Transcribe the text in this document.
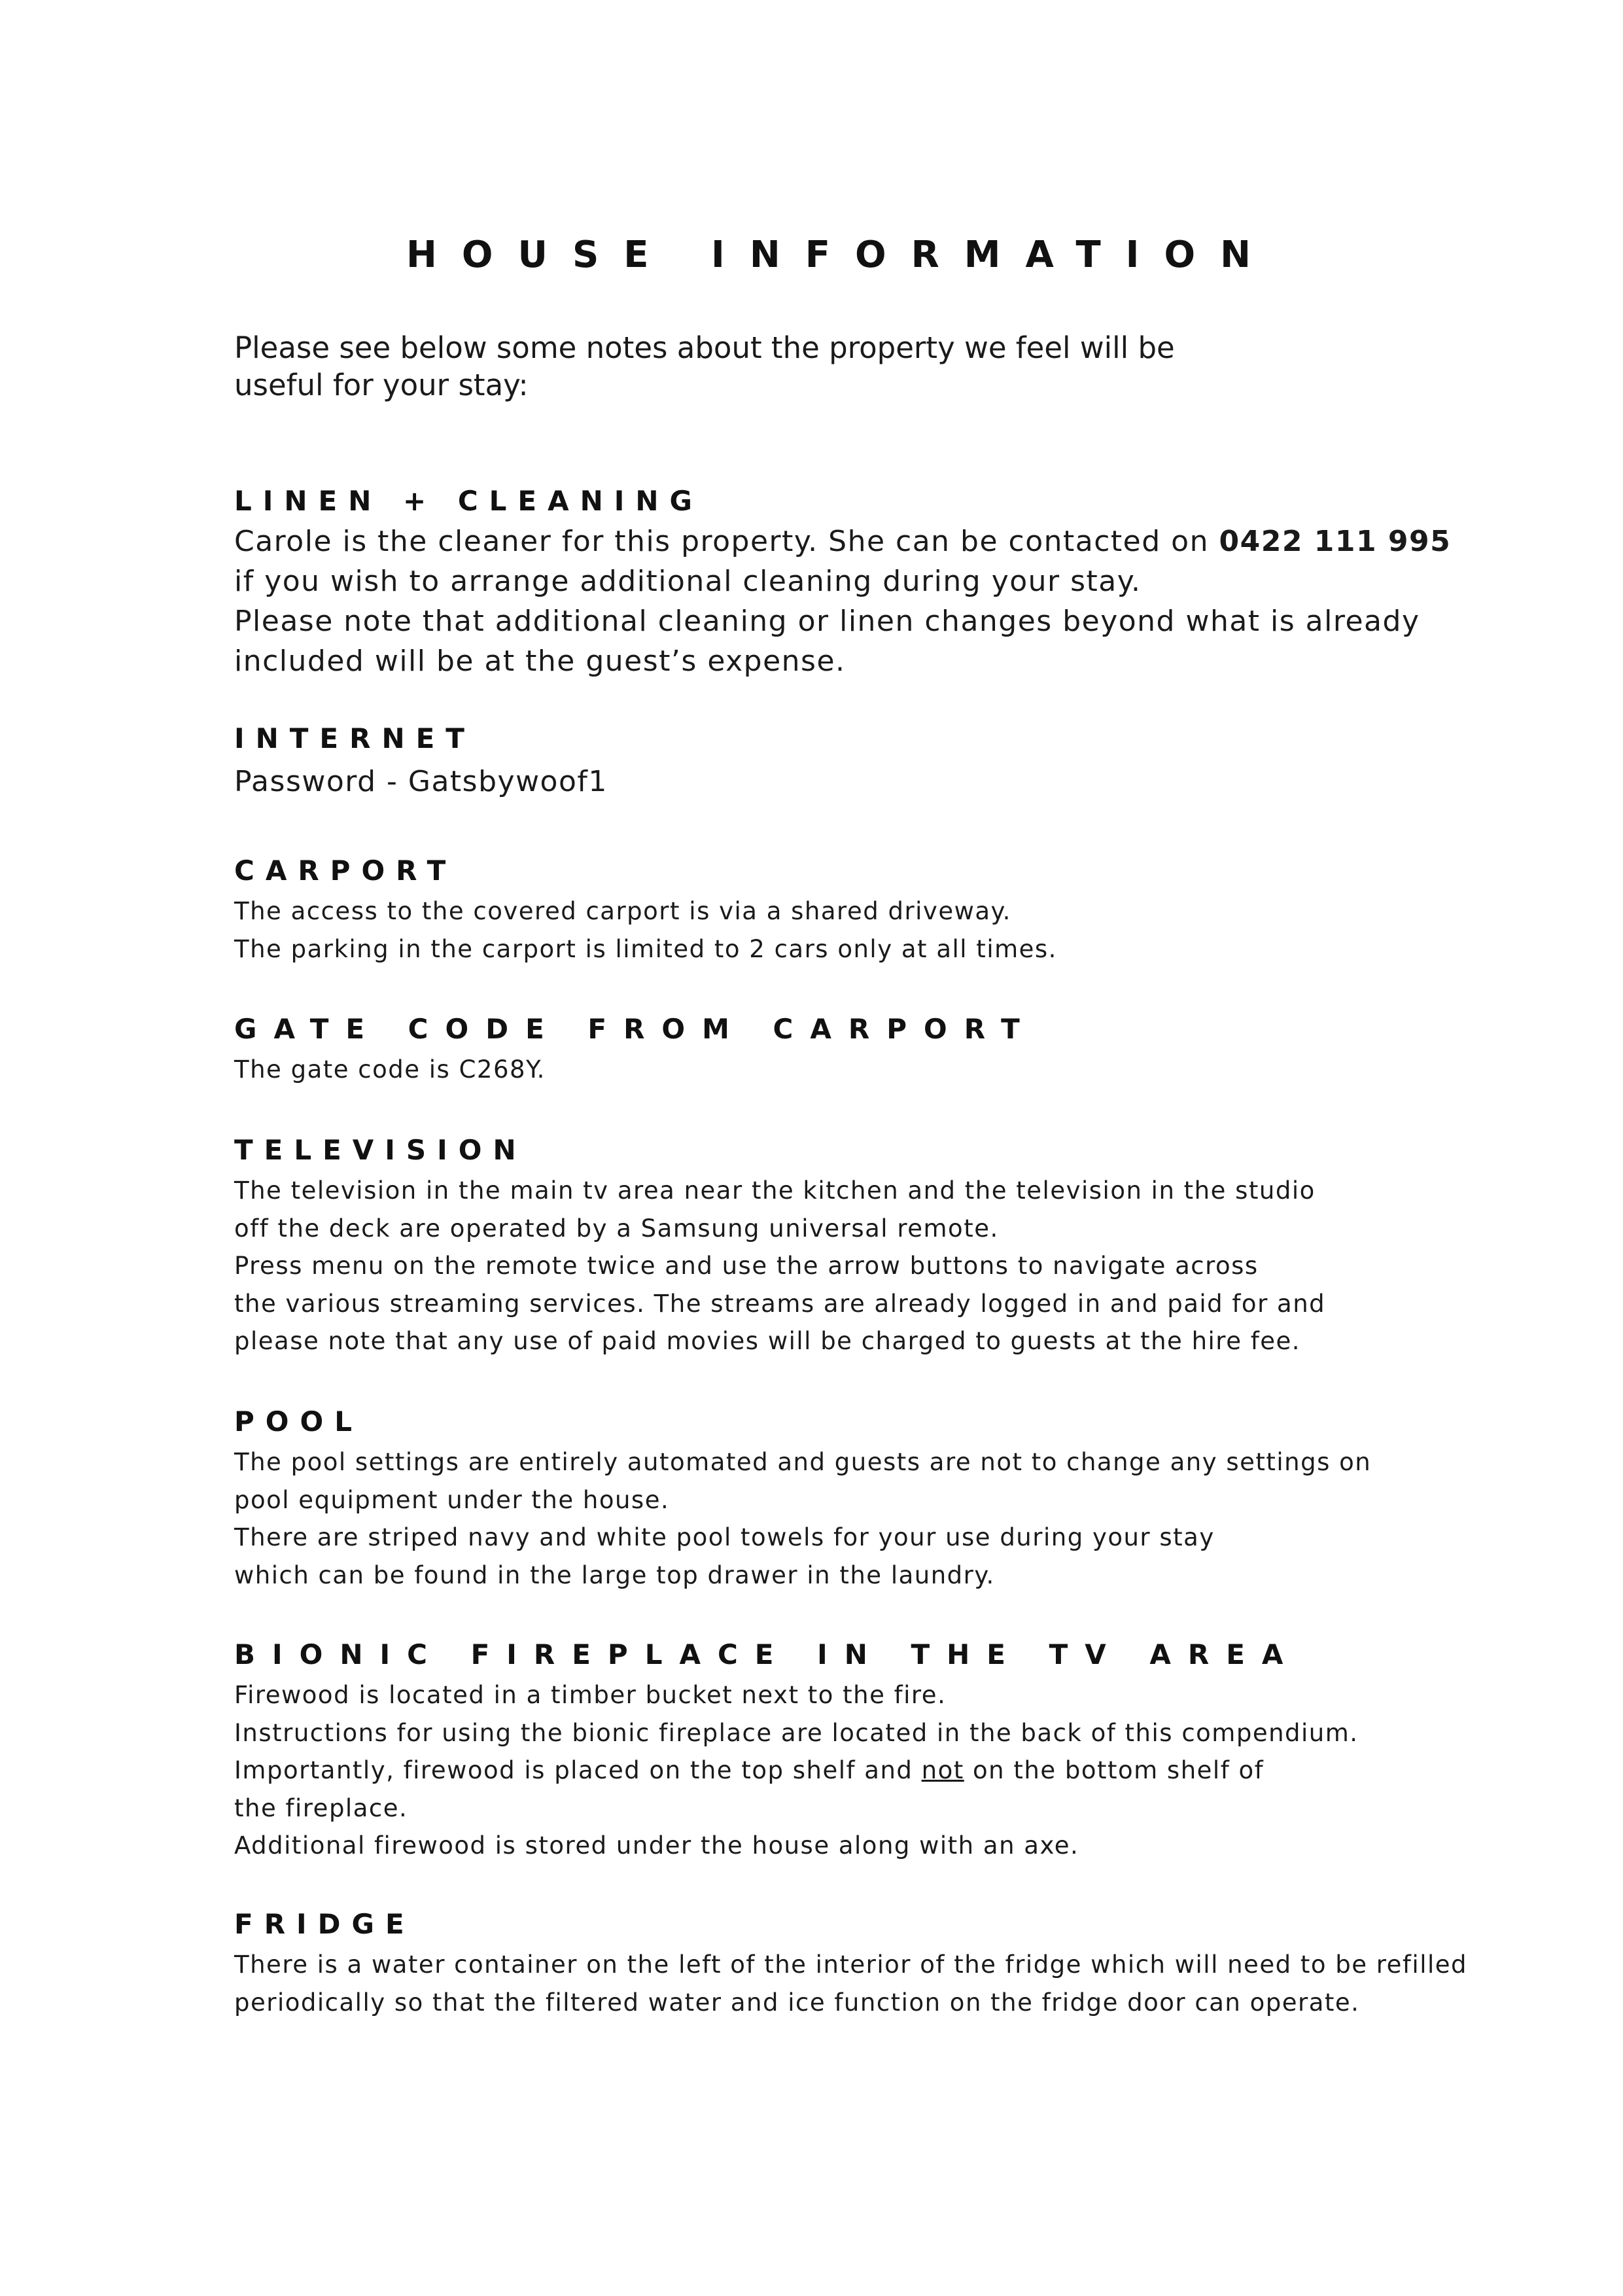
HOUSE INFORMATION
Please see below some notes about the property we feel will be
useful for your stay:
LINEN + CLEANING
Carole is the cleaner for this property. She can be contacted on 0422 111 995
if you wish to arrange additional cleaning during your stay.
Please note that additional cleaning or linen changes beyond what is already
included will be at the guest’s expense.
INTERNET
Password - Gatsbywoof1
CARPORT
The access to the covered carport is via a shared driveway.
The parking in the carport is limited to 2 cars only at all times.
GATE CODE FROM CARPORT
The gate code is C268Y.
TELEVISION
The television in the main tv area near the kitchen and the television in the studio
off the deck are operated by a Samsung universal remote.
Press menu on the remote twice and use the arrow buttons to navigate across
the various streaming services. The streams are already logged in and paid for and
please note that any use of paid movies will be charged to guests at the hire fee.
POOL
The pool settings are entirely automated and guests are not to change any settings on
pool equipment under the house.
There are striped navy and white pool towels for your use during your stay
which can be found in the large top drawer in the laundry.
BIONIC FIREPLACE IN THE TV AREA
Firewood is located in a timber bucket next to the fire.
Instructions for using the bionic fireplace are located in the back of this compendium.
Importantly, firewood is placed on the top shelf and not on the bottom shelf of
the fireplace.
Additional firewood is stored under the house along with an axe.
FRIDGE
There is a water container on the left of the interior of the fridge which will need to be refilled
periodically so that the filtered water and ice function on the fridge door can operate.
